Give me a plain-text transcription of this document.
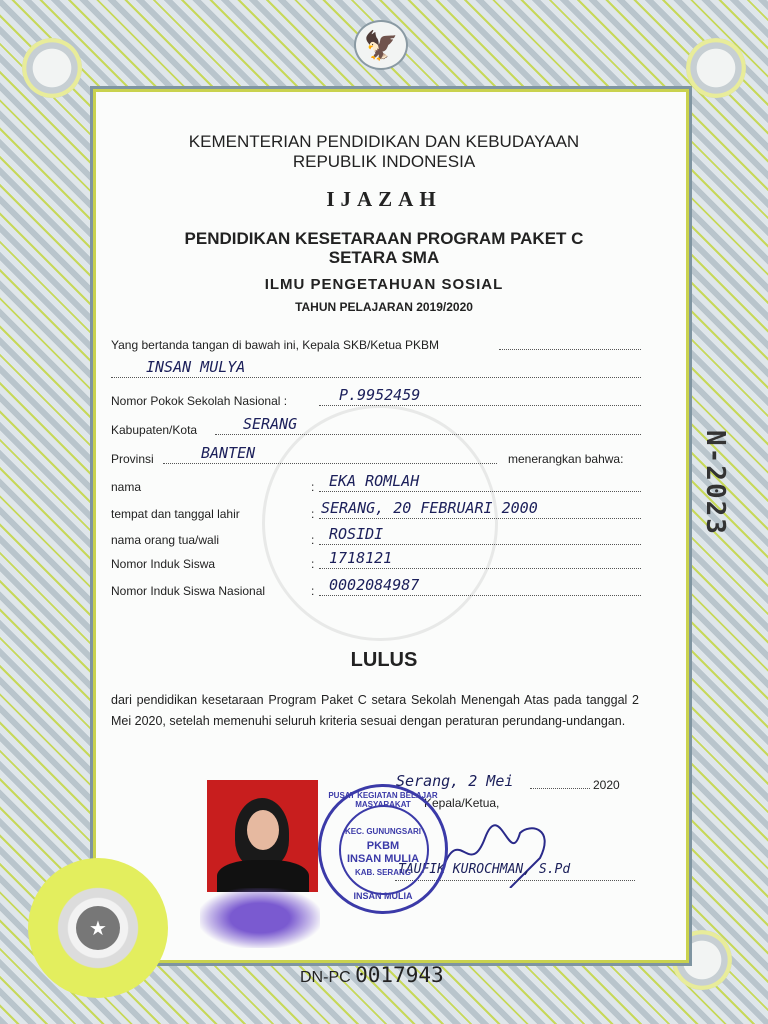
🦅
N-2023
KEMENTERIAN PENDIDIKAN DAN KEBUDAYAAN
REPUBLIK INDONESIA
IJAZAH
PENDIDIKAN KESETARAAN PROGRAM PAKET C
SETARA SMA
ILMU PENGETAHUAN SOSIAL
TAHUN PELAJARAN 2019/2020
Yang bertanda tangan di bawah ini, Kepala SKB/Ketua PKBM
INSAN MULYA
Nomor Pokok Sekolah Nasional :	P.9952459
Kabupaten/Kota	SERANG
Provinsi	BANTEN	menerangkan bahwa:
nama	: EKA ROMLAH
tempat dan tanggal lahir	: SERANG, 20 FEBRUARI 2000
nama orang tua/wali	: ROSIDI
Nomor Induk Siswa	: 1718121
Nomor Induk Siswa Nasional	: 0002084987
LULUS
dari pendidikan kesetaraan Program Paket C setara Sekolah Menengah Atas pada tanggal 2 Mei 2020, setelah memenuhi seluruh kriteria sesuai dengan peraturan perundang-undangan.
Serang, 2 Mei	2020
Kepala/Ketua,
TAUFIK KUROCHMAN, S.Pd
PUSAT KEGIATAN BELAJAR MASYARAKAT
KEC. GUNUNGSARI
PKBM
INSAN MULIA
KAB. SERANG
INSAN MULIA
★
DN-PC 0017943
